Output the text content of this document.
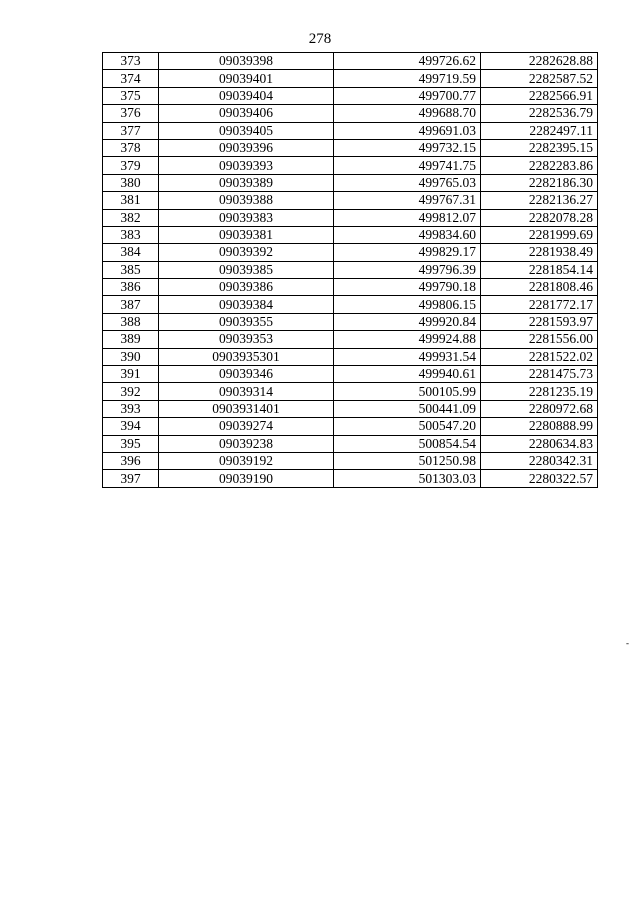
278
373	09039398	499726.62	2282628.88
374	09039401	499719.59	2282587.52
375	09039404	499700.77	2282566.91
376	09039406	499688.70	2282536.79
377	09039405	499691.03	2282497.11
378	09039396	499732.15	2282395.15
379	09039393	499741.75	2282283.86
380	09039389	499765.03	2282186.30
381	09039388	499767.31	2282136.27
382	09039383	499812.07	2282078.28
383	09039381	499834.60	2281999.69
384	09039392	499829.17	2281938.49
385	09039385	499796.39	2281854.14
386	09039386	499790.18	2281808.46
387	09039384	499806.15	2281772.17
388	09039355	499920.84	2281593.97
389	09039353	499924.88	2281556.00
390	0903935301	499931.54	2281522.02
391	09039346	499940.61	2281475.73
392	09039314	500105.99	2281235.19
393	0903931401	500441.09	2280972.68
394	09039274	500547.20	2280888.99
395	09039238	500854.54	2280634.83
396	09039192	501250.98	2280342.31
397	09039190	501303.03	2280322.57
-
